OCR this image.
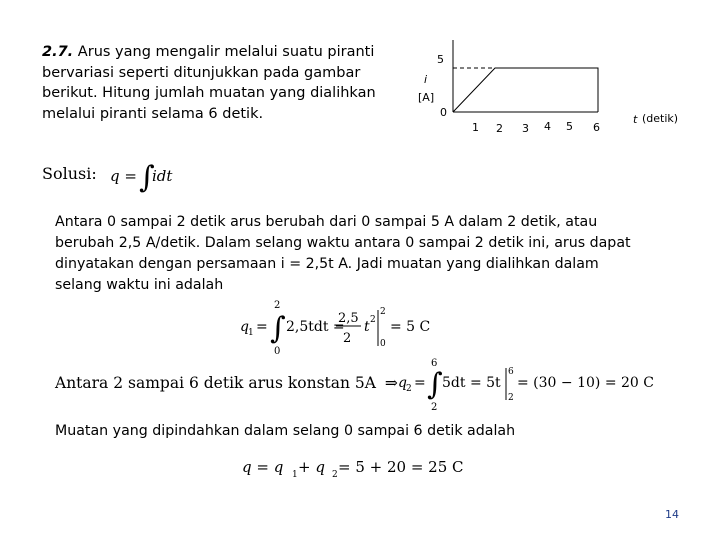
2.7. Arus yang mengalir melalui suatu piranti bervariasi seperti ditunjukkan pada gambar berikut. Hitung jumlah muatan yang dialihkan melalui piranti selama 6 detik.
5
i
[A]
0
1 2 3 4 5 6
t (detik)
Solusi: q = ∫
idt
Antara 0 sampai 2 detik arus berubah dari 0 sampai 5 A dalam 2 detik, atau berubah 2,5 A/detik. Dalam selang waktu antara 0 sampai 2 detik ini, arus dapat dinyatakan dengan persamaan i = 2,5t A. Jadi muatan yang dialihkan dalam selang waktu ini adalah
q 1 =
2
∫
0
2,5tdt =
2,5
2
t 2
2
0
= 5 C
Antara 2 sampai 6 detik arus konstan 5A ⇒ q 2 =
6
∫
2
5dt = 5t
6
2
= (30 − 10) = 20 C
Muatan yang dipindahkan dalam selang 0 sampai 6 detik adalah
q = q 1 + q 2 = 5 + 20 = 25 C
14
